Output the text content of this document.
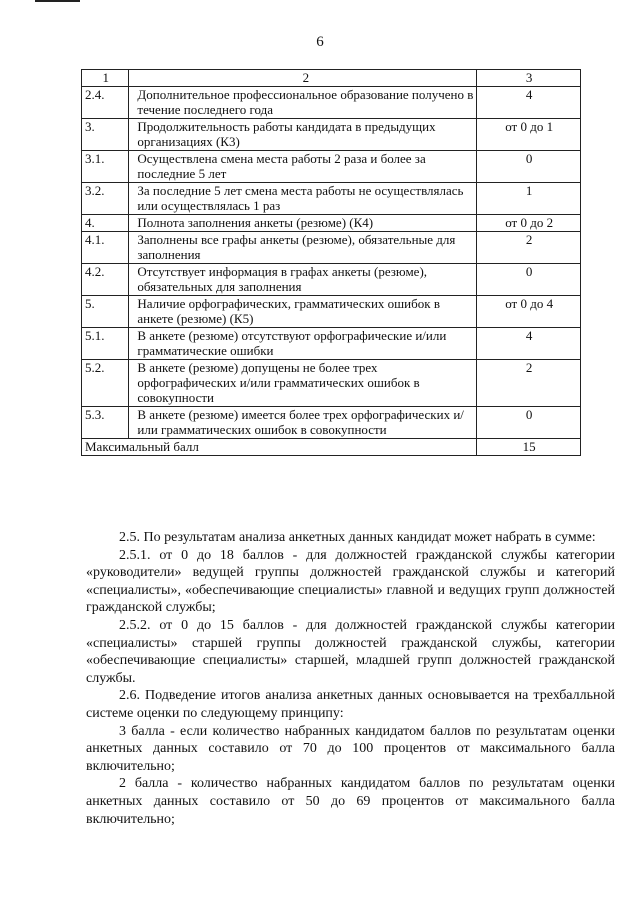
6
1	2	3
2.4.	Дополнительное профессиональное образование получено в течение последнего года	4
3.	Продолжительность работы кандидата в предыдущих организациях (К3)	от 0 до 1
3.1.	Осуществлена смена места работы 2 раза и более за последние 5 лет	0
3.2.	За последние 5 лет смена места работы не осуществлялась или осуществлялась 1 раз	1
4.	Полнота заполнения анкеты (резюме) (К4)	от 0 до 2
4.1.	Заполнены все графы анкеты (резюме), обязательные для заполнения	2
4.2.	Отсутствует информация в графах анкеты (резюме), обязательных для заполнения	0
5.	Наличие орфографических, грамматических ошибок в анкете (резюме) (К5)	от 0 до 4
5.1.	В анкете (резюме) отсутствуют орфографические и/или грамматические ошибки	4
5.2.	В анкете (резюме) допущены не более трех орфографических и/или грамматических ошибок в совокупности	2
5.3.	В анкете (резюме) имеется более трех орфографических и/или грамматических ошибок в совокупности	0
Максимальный балл		15

2.5. По результатам анализа анкетных данных кандидат может набрать в сумме:

2.5.1. от 0 до 18 баллов - для должностей гражданской службы категории «руководители» ведущей группы должностей гражданской службы и категорий «специалисты», «обеспечивающие специалисты» главной и ведущих групп должностей гражданской службы;

2.5.2. от 0 до 15 баллов - для должностей гражданской службы категории «специалисты» старшей группы должностей гражданской службы, категории «обеспечивающие специалисты» старшей, младшей групп должностей гражданской службы.

2.6. Подведение итогов анализа анкетных данных основывается на трехбалльной системе оценки по следующему принципу:

3 балла - если количество набранных кандидатом баллов по результатам оценки анкетных данных составило от 70 до 100 процентов от максимального балла включительно;

2 балла - количество набранных кандидатом баллов по результатам оценки анкетных данных составило от 50 до 69 процентов от максимального балла включительно;
